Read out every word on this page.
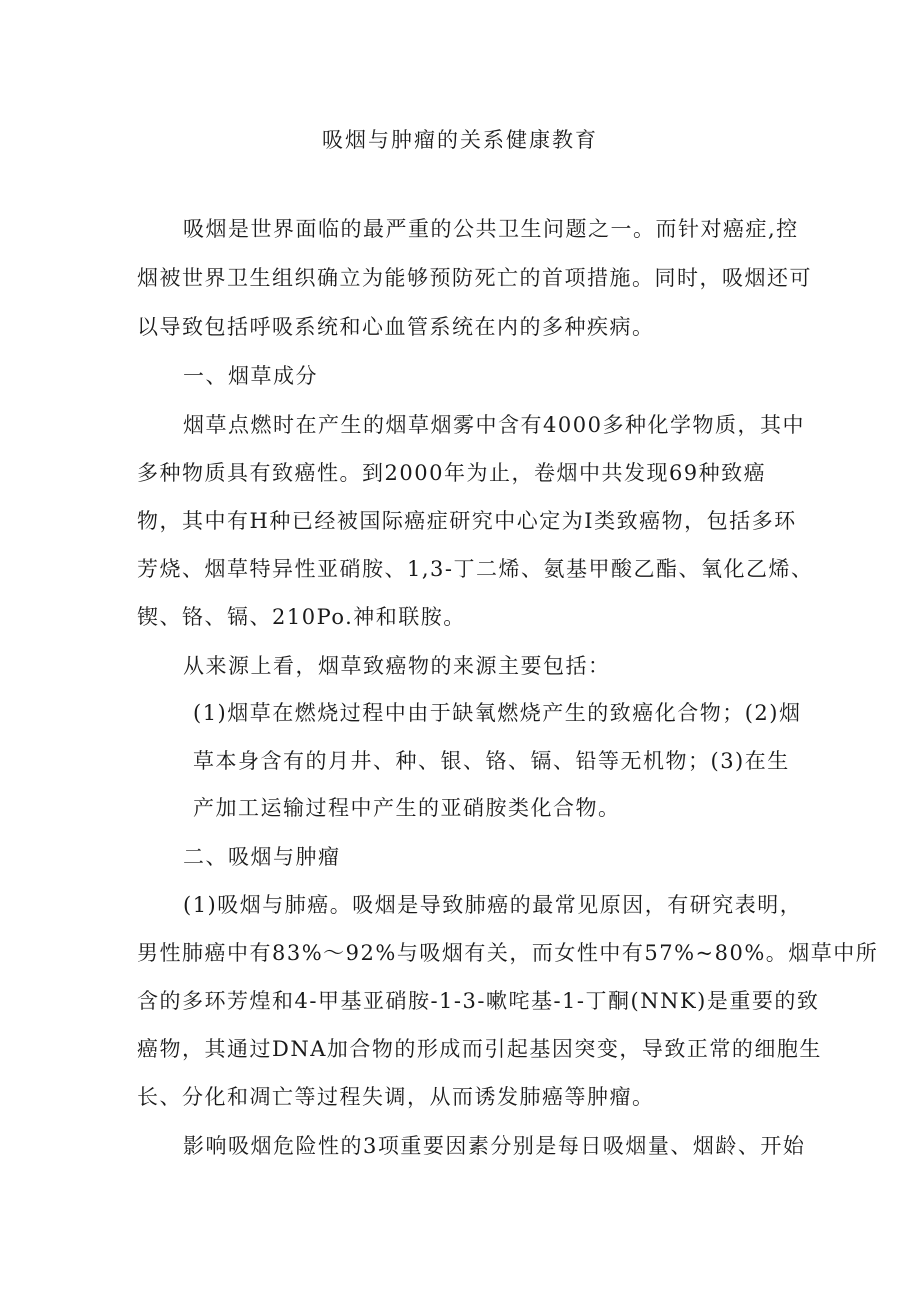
吸烟与肿瘤的关系健康教育
吸烟是世界面临的最严重的公共卫生问题之一。而针对癌症,控
烟被世界卫生组织确立为能够预防死亡的首项措施。同时，吸烟还可
以导致包括呼吸系统和心血管系统在内的多种疾病。
一、烟草成分
烟草点燃时在产生的烟草烟雾中含有4000多种化学物质，其中
多种物质具有致癌性。到2000年为止，卷烟中共发现69种致癌
物，其中有H种已经被国际癌症研究中心定为I类致癌物，包括多环
芳烧、烟草特异性亚硝胺、1,3-丁二烯、氨基甲酸乙酯、氧化乙烯、
锲、铬、镉、210Po.神和联胺。
从来源上看，烟草致癌物的来源主要包括：
(1)烟草在燃烧过程中由于缺氧燃烧产生的致癌化合物；(2)烟
草本身含有的月井、种、银、铬、镉、铅等无机物；(3)在生
产加工运输过程中产生的亚硝胺类化合物。
二、吸烟与肿瘤
(1)吸烟与肺癌。吸烟是导致肺癌的最常见原因，有研究表明，
男性肺癌中有83%～92%与吸烟有关，而女性中有57%~80%。烟草中所
含的多环芳煌和4-甲基亚硝胺-1-3-嗽咤基-1-丁酮(NNK)是重要的致
癌物，其通过DNA加合物的形成而引起基因突变，导致正常的细胞生
长、分化和凋亡等过程失调，从而诱发肺癌等肿瘤。
影响吸烟危险性的3项重要因素分别是每日吸烟量、烟龄、开始
